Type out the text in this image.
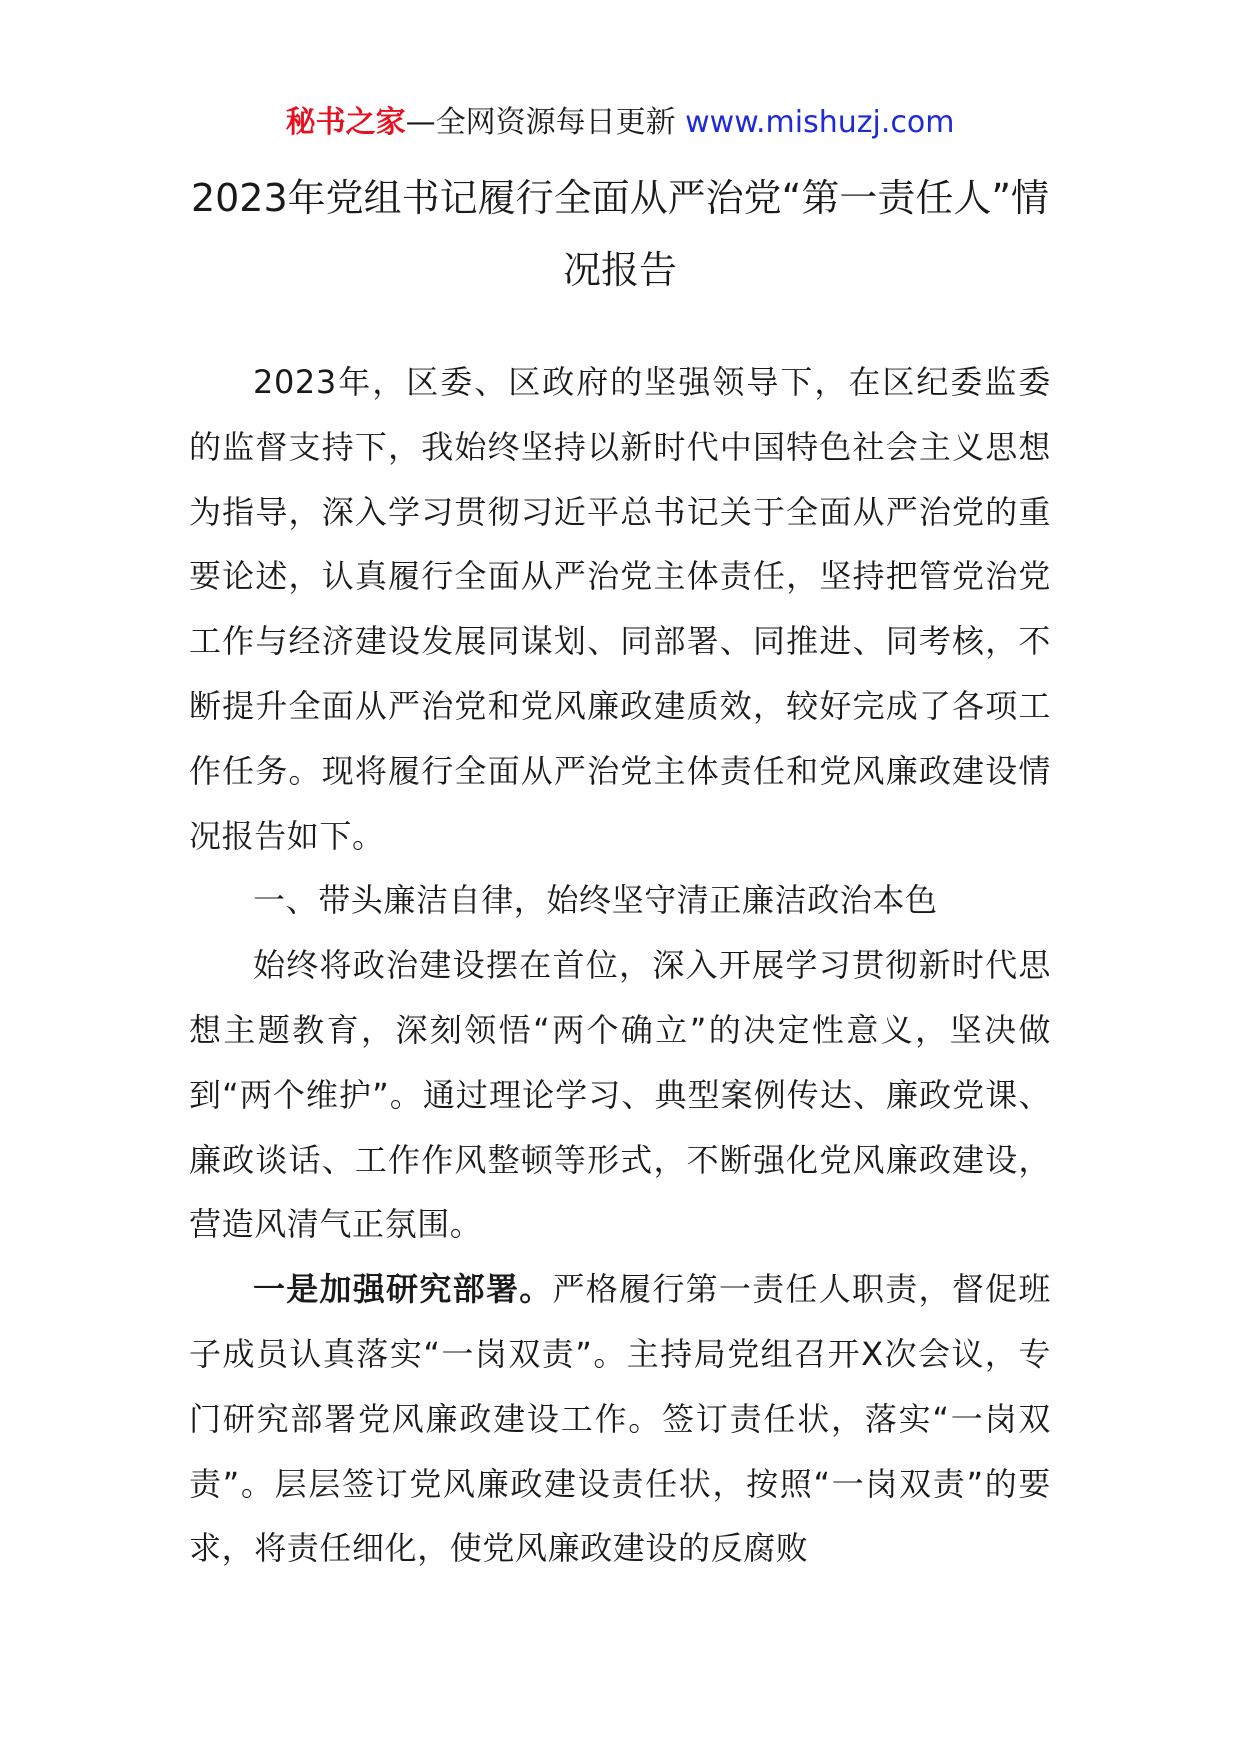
秘书之家—全网资源每日更新 www.mishuzj.com
2023年党组书记履行全面从严治党“第一责任人”情况报告

2023年，区委、区政府的坚强领导下，在区纪委监委的监督支持下，我始终坚持以新时代中国特色社会主义思想为指导，深入学习贯彻习近平总书记关于全面从严治党的重要论述，认真履行全面从严治党主体责任，坚持把管党治党工作与经济建设发展同谋划、同部署、同推进、同考核，不断提升全面从严治党和党风廉政建质效，较好完成了各项工作任务。现将履行全面从严治党主体责任和党风廉政建设情况报告如下。

一、带头廉洁自律，始终坚守清正廉洁政治本色

始终将政治建设摆在首位，深入开展学习贯彻新时代思想主题教育，深刻领悟“两个确立”的决定性意义，坚决做到“两个维护”。通过理论学习、典型案例传达、廉政党课、廉政谈话、工作作风整顿等形式，不断强化党风廉政建设，营造风清气正氛围。

一是加强研究部署。严格履行第一责任人职责，督促班子成员认真落实“一岗双责”。主持局党组召开X次会议，专门研究部署党风廉政建设工作。签订责任状，落实“一岗双责”。层层签订党风廉政建设责任状，按照“一岗双责”的要求，将责任细化，使党风廉政建设的反腐败
